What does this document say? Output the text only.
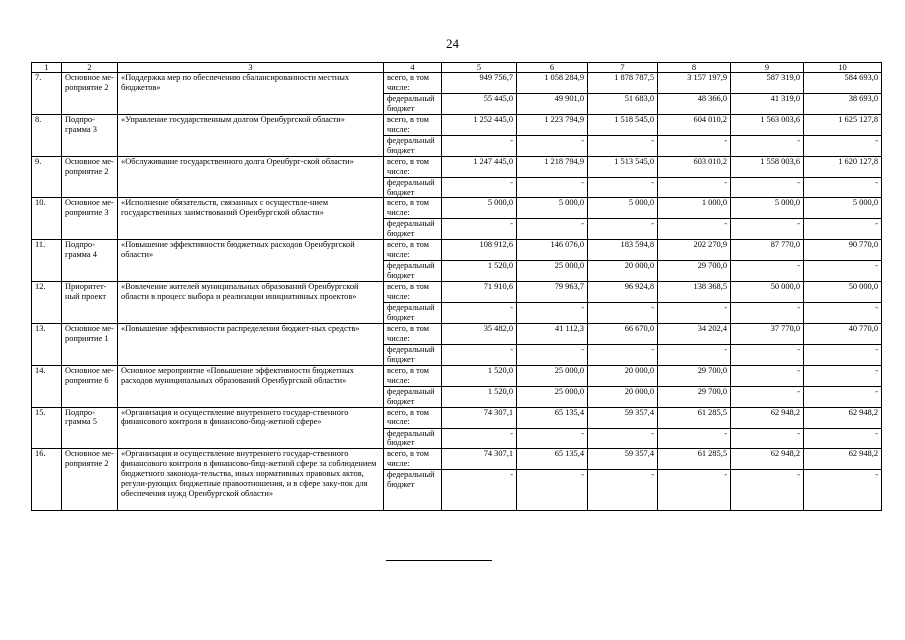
24
1	2	3	4	5	6	7	8	9	10
7.	Основное ме-роприятие 2	«Поддержка мер по обеспечению сбалансированности местных бюджетов»	всего, в том числе:	949 756,7	1 058 284,9	1 878 787,5	3 157 197,9	587 319,0	584 693,0
			федеральный бюджет	55 445,0	49 901,0	51 683,0	48 366,0	41 319,0	38 693,0
8.	Подпро-грамма 3	«Управление государственным долгом Оренбургской области»	всего, в том числе:	1 252 445,0	1 223 794,9	1 518 545,0	604 010,2	1 563 003,6	1 625 127,8
			федеральный бюджет	-	-	-	-	-	-
9.	Основное ме-роприятие 2	«Обслуживание государственного долга Оренбург-ской области»	всего, в том числе:	1 247 445,0	1 218 794,9	1 513 545,0	603 010,2	1 558 003,6	1 620 127,8
			федеральный бюджет	-	-	-	-	-	-
10.	Основное ме-роприятие 3	«Исполнение обязательств, связанных с осуществле-нием государственных заимствований Оренбургской области»	всего, в том числе:	5 000,0	5 000,0	5 000,0	1 000,0	5 000,0	5 000,0
			федеральный бюджет	-	-	-	-	-	-
11.	Подпро-грамма 4	«Повышение эффективности бюджетных расходов Оренбургской области»	всего, в том числе:	108 912,6	146 076,0	183 594,8	202 270,9	87 770,0	90 770,0
			федеральный бюджет	1 520,0	25 000,0	20 000,0	29 700,0	-	-
12.	Приоритет-ный проект	«Вовлечение жителей муниципальных образований Оренбургской области в процесс выбора и реализации инициативных проектов»	всего, в том числе:	71 910,6	79 963,7	96 924,8	138 368,5	50 000,0	50 000,0
			федеральный бюджет	-	-	-	-	-	-
13.	Основное ме-роприятие 1	«Повышение эффективности распределения бюджет-ных средств»	всего, в том числе:	35 482,0	41 112,3	66 670,0	34 202,4	37 770,0	40 770,0
			федеральный бюджет	-	-	-	-	-	-
14.	Основное ме-роприятие 6	Основное мероприятие «Повышение эффективности бюджетных расходов муниципальных образований Оренбургской области»	всего, в том числе:	1 520,0	25 000,0	20 000,0	29 700,0	-	-
			федеральный бюджет	1 520,0	25 000,0	20 000,0	29 700,0	-	-
15.	Подпро-грамма 5	«Организация и осуществление внутреннего государ-ственного финансового контроля в финансово-бюд-жетной сфере»	всего, в том числе:	74 307,1	65 135,4	59 357,4	61 285,5	62 948,2	62 948,2
			федеральный бюджет	-	-	-	-	-	-
16.	Основное ме-роприятие 2	«Организация и осуществление внутреннего государ-ственного финансового контроля в финансово-бюд-жетной сфере за соблюдением бюджетного законода-тельства, иных нормативных правовых актов, регули-рующих бюджетные правоотношения, и в сфере заку-пок для обеспечения нужд Оренбургской области»	всего, в том числе:	74 307,1	65 135,4	59 357,4	61 285,5	62 948,2	62 948,2
			федеральный бюджет	-	-	-	-	-	-
